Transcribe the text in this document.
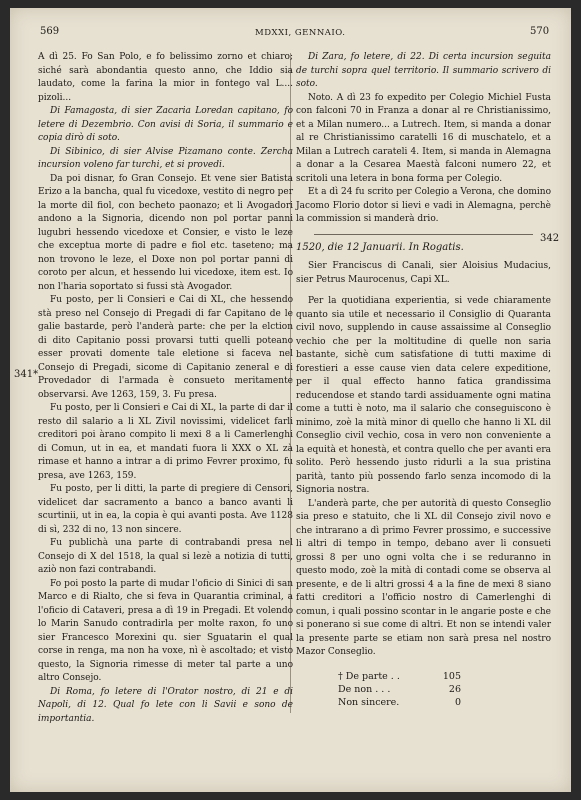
569	MDXXI, GENNAIO.	570

A dì 25. Fo San Polo, e fo belissimo zorno et chiaro; siché sarà abondantia questo anno, che Iddio sia laudato, come la farina la mior in fontego val L.... pizoli...

Di Famagosta, di sier Zacaria Loredan capitano, fo letere di Dezembrio. Con avisi di Soria, il summario e copia dirò di soto.

Di Sibinico, di sier Alvise Pizamano conte. Zercha incursion voleno far turchi, et si provedi.

Da poi disnar, fo Gran Consejo. Et vene sier Batista Erizo a la bancha, qual fu vicedoxe, vestito di negro per la morte dil fiol, con becheto paonazo; et li Avogadori andono a la Signoria, dicendo non pol portar panni lugubri hessendo vicedoxe et Consier, e visto le leze che exceptua morte di padre e fiol etc. taseteno; ma non trovono le leze, el Doxe non pol portar panni di coroto per alcun, et hessendo lui vicedoxe, item est. Io non l'haria soportato si fussi stà Avogador.

Fu posto, per li Consieri e Cai di XL, che hessendo stà preso nel Consejo di Pregadi di far Capitano de le galie bastarde, però l'anderà parte: che per la elction di dito Capitanio possi provarsi tutti quelli poteano esser provati domente tale eletione si faceva nel Consejo di Pregadi, sicome di Capitanio zeneral e di Provedador di l'armada è consueto meritamente observarsi. Ave 1263, 159, 3. Fu presa.

Fu posto, per li Consieri e Cai di XL, la parte di dar il resto dil salario a li XL Zivil novissimi, videlicet farli creditori poi àrano compito li mexi 8 a li Camerlenghi di Comun, ut in ea, et mandati fuora li XXX o XL zà rimase et hanno a intrar a di primo Fevrer proximo, fu presa, ave 1263, 159.

Fu posto, per li ditti, la parte di pregiere di Censori, videlicet dar sacramento a banco a banco avanti li scurtinii, ut in ea, la copia è qui avanti posta. Ave 1128 di sì, 232 di no, 13 non sincere.

Fu publichà una parte di contrabandi presa nel Consejo di X del 1518, la qual si lezè a notizia di tutti, aziò non fazi contrabandi.

Fo poi posto la parte di mudar l'oficio di Sinici di san Marco e di Rialto, che si feva in Quarantia criminal, a l'oficio di Cataveri, presa a dì 19 in Pregadi. Et volendo lo Marin Sanudo contradirla per molte raxon, fo uno sier Francesco Morexini qu. sier Sguatarin el qual corse in renga, ma non ha voxe, nì è ascoltado; et visto questo, la Signoria rimesse di meter tal parte a uno altro Consejo.

Di Roma, fo letere di l'Orator nostro, di 21 e di Napoli, di 12. Qual fo lete con li Savii e sono de importantia.

Di Zara, fo letere, di 22. Di certa incursion seguita de turchi sopra quel territorio. Il summario scrivero di soto.

Noto. A dì 23 fo expedito per Colegio Michiel Fusta con falconi 70 in Franza a donar al re Christianissimo, et a Milan numero... a Lutrech. Item, si manda a donar al re Christianissimo caratelli 16 di muschatelo, et a Milan a Lutrech carateli 4. Item, si manda in Alemagna a donar a la Cesarea Maestà falconi numero 22, et scritoli una letera in bona forma per Colegio.

Et a dì 24 fu scrito per Colegio a Verona, che domino Jacomo Florio dotor si lievi e vadi in Alemagna, perchè la commission si manderà drio.

1520, die 12 Januarii. In Rogatis.

Sier Franciscus di Canali, sier Aloisius Mudacius, sier Petrus Maurocenus, Capi XL.

Per la quotidiana experientia, si vede chiaramente quanto sia utile et necessario il Consiglio di Quaranta civil novo, supplendo in cause assaissime al Conseglio vechio che per la moltitudine di quelle non saria bastante, sichè cum satisfatione di tutti maxime di forestieri a esse cause vien data celere expeditione, per il qual effecto hanno fatica grandissima reducendose et stando tardi assiduamente ogni matina come a tutti è noto, ma il salario che conseguiscono è minimo, zoè la mità minor di quello che hanno li XL dil Conseglio civil vechio, cosa in vero non conveniente a la equità et honestà, et contra quello che per avanti era solito. Però hessendo justo ridurli a la sua pristina parità, tanto più possendo farlo senza incomodo di la Signoria nostra.

L'anderà parte, che per autorità di questo Conseglio sia preso e statuito, che li XL dil Consejo zivil novo e che intrarano a dì primo Fevrer prossimo, e successive li altri di tempo in tempo, debano aver li consueti grossi 8 per uno ogni volta che i se reduranno in questo modo, zoè la mità di contadi come se observa al presente, e de li altri grossi 4 a la fine de mexi 8 siano fatti creditori a l'officio nostro di Camerlenghi di comun, i quali possino scontar in le angarie poste e che si ponerano si sue come di altri. Et non se intendi valer la presente parte se etiam non sarà presa nel nostro Mazor Conseglio.

† De parte . .	105
De non . . .	26
Non sincere.	0
341*
342
